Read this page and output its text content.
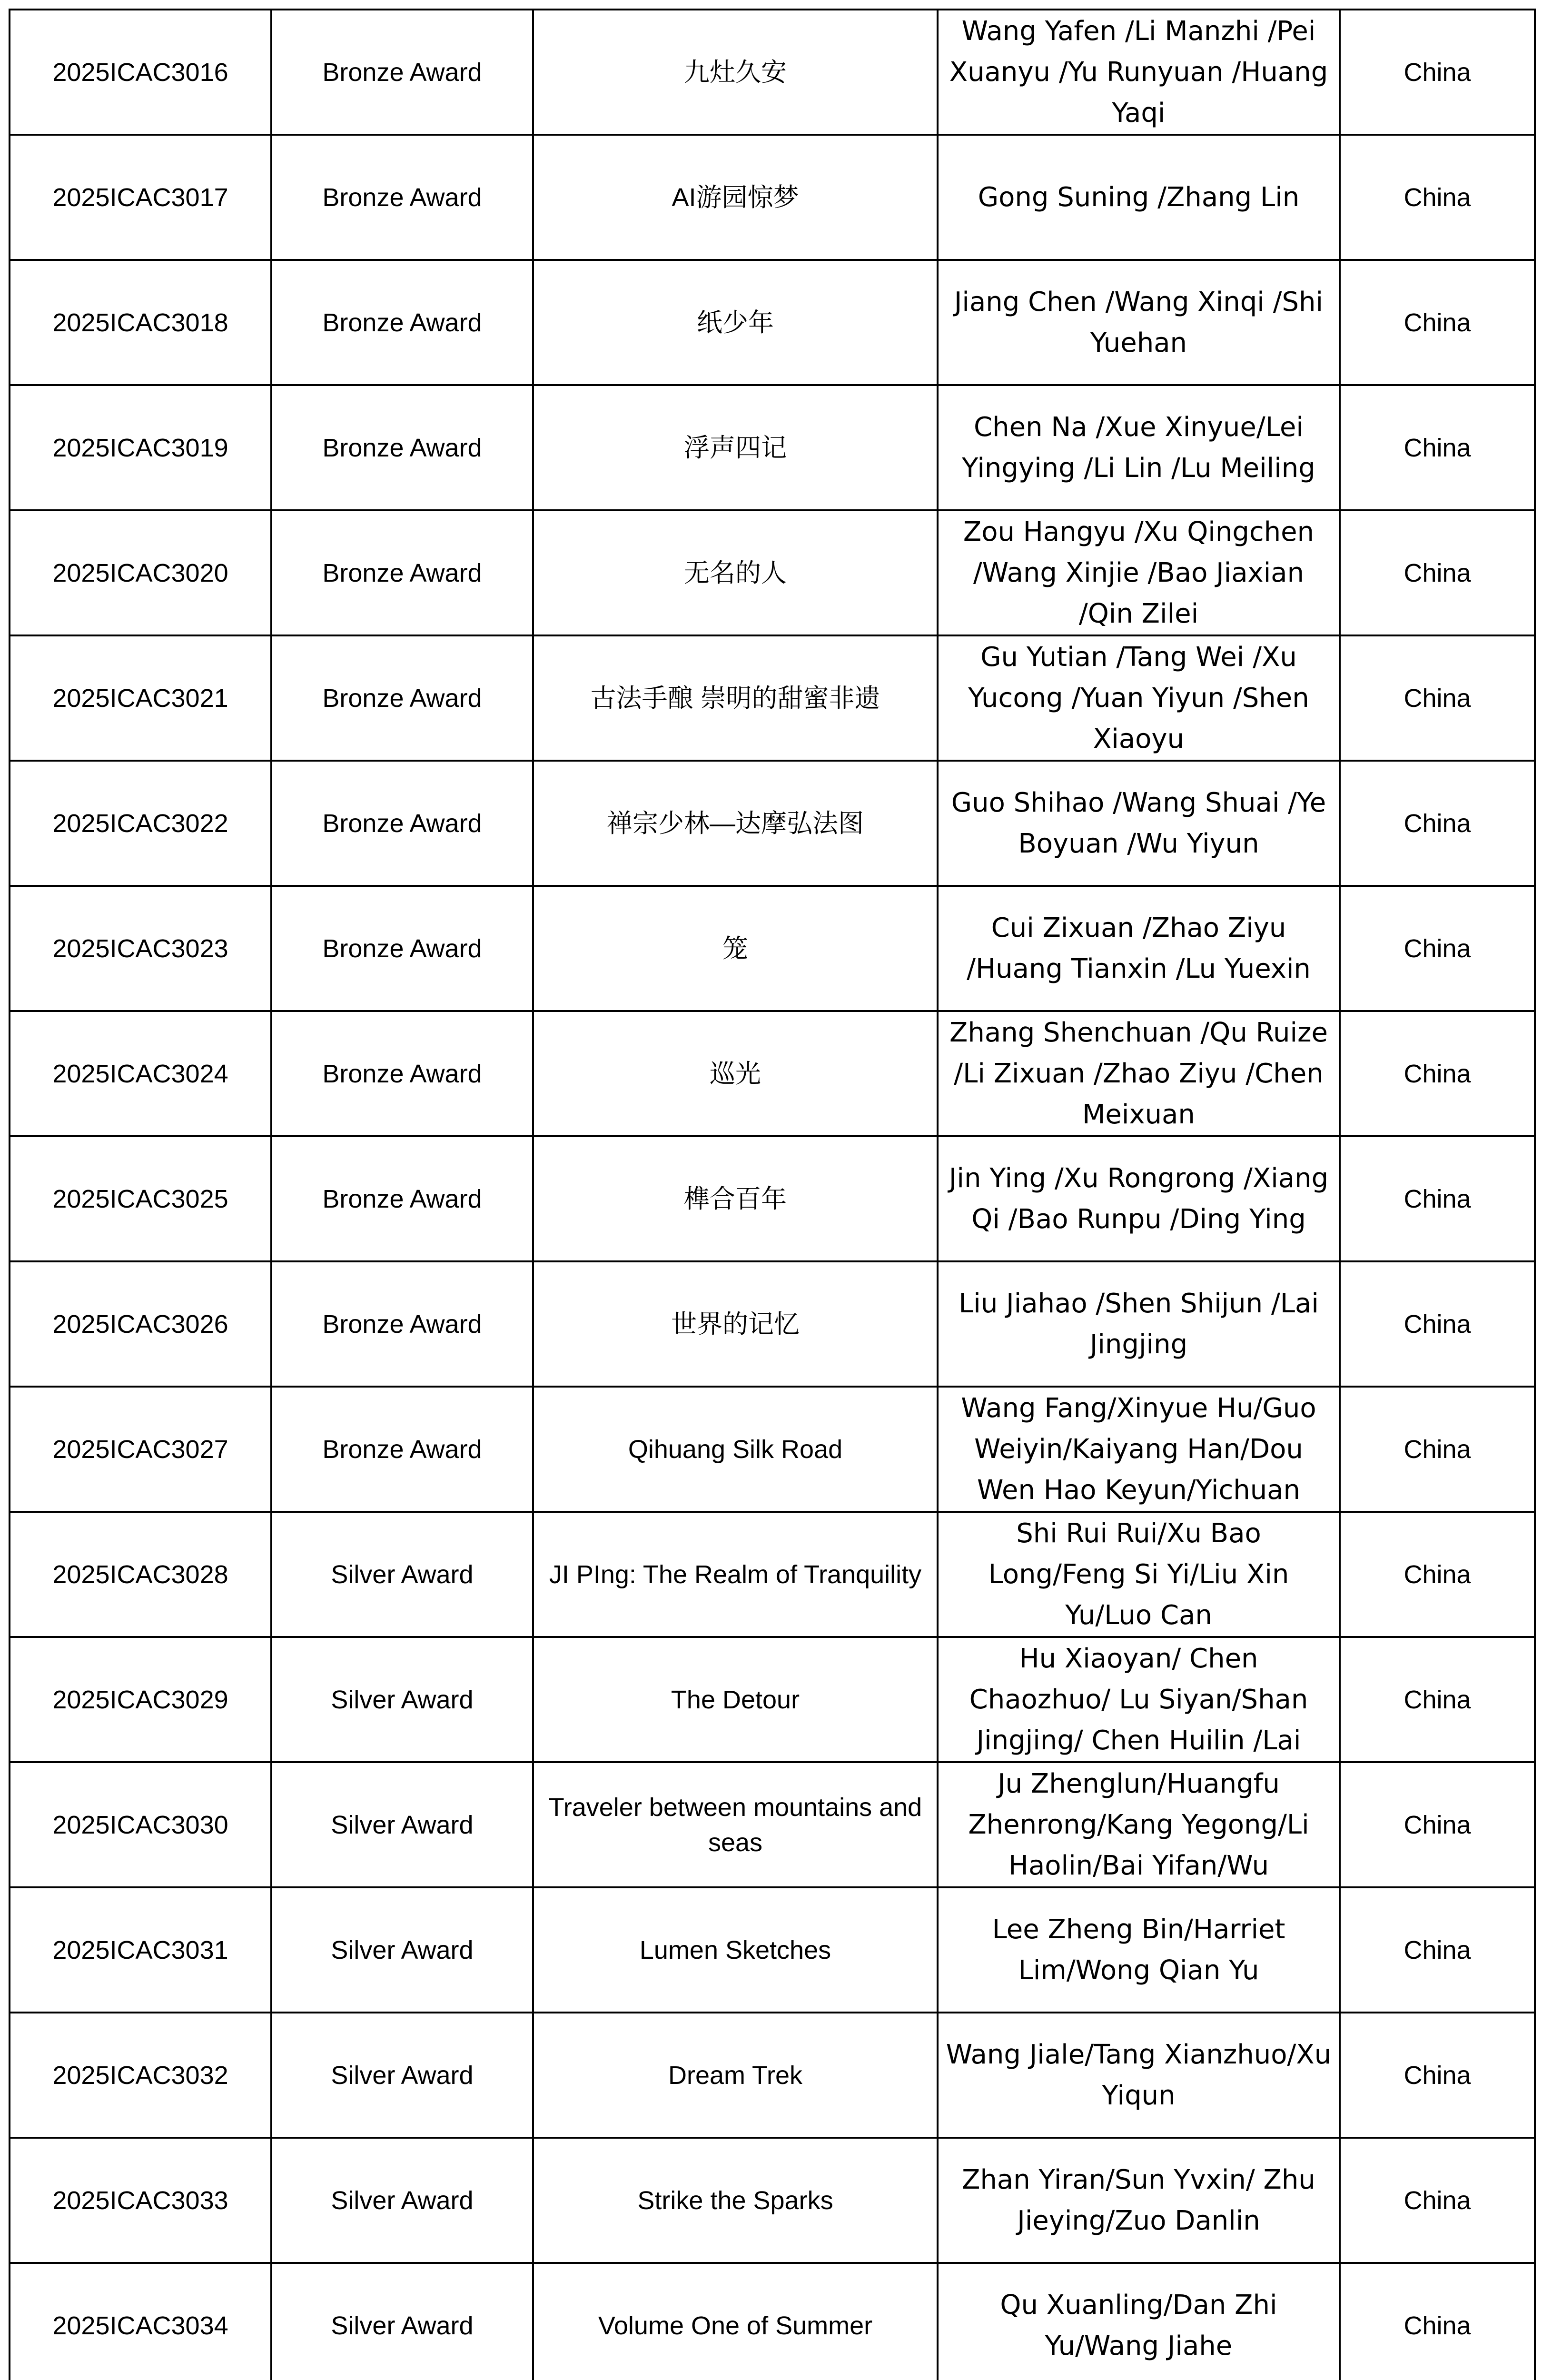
2025ICAC3016	Bronze Award	九灶久安	Wang Yafen /Li Manzhi /Pei Xuanyu /Yu Runyuan /Huang Yaqi	China
2025ICAC3017	Bronze Award	AI游园惊梦	Gong Suning /Zhang Lin	China
2025ICAC3018	Bronze Award	纸少年	Jiang Chen /Wang Xinqi /Shi Yuehan	China
2025ICAC3019	Bronze Award	浮声四记	Chen Na /Xue Xinyue/Lei Yingying /Li Lin /Lu Meiling	China
2025ICAC3020	Bronze Award	无名的人	Zou Hangyu /Xu Qingchen /Wang Xinjie /Bao Jiaxian /Qin Zilei	China
2025ICAC3021	Bronze Award	古法手酿 崇明的甜蜜非遗	Gu Yutian /Tang Wei /Xu Yucong /Yuan Yiyun /Shen Xiaoyu	China
2025ICAC3022	Bronze Award	禅宗少林—达摩弘法图	Guo Shihao /Wang Shuai /Ye Boyuan /Wu Yiyun	China
2025ICAC3023	Bronze Award	笼	Cui Zixuan /Zhao Ziyu /Huang Tianxin /Lu Yuexin	China
2025ICAC3024	Bronze Award	巡光	Zhang Shenchuan /Qu Ruize /Li Zixuan /Zhao Ziyu /Chen Meixuan	China
2025ICAC3025	Bronze Award	榫合百年	Jin Ying /Xu Rongrong /Xiang Qi /Bao Runpu /Ding Ying	China
2025ICAC3026	Bronze Award	世界的记忆	Liu Jiahao /Shen Shijun /Lai Jingjing	China
2025ICAC3027	Bronze Award	Qihuang Silk Road	Wang Fang/Xinyue Hu/Guo Weiyin/Kaiyang Han/Dou Wen Hao Keyun/Yichuan	China
2025ICAC3028	Silver Award	JI PIng: The Realm of Tranquility	Shi Rui Rui/Xu Bao Long/Feng Si Yi/Liu Xin Yu/Luo Can	China
2025ICAC3029	Silver Award	The Detour	Hu Xiaoyan/ Chen Chaozhuo/ Lu Siyan/Shan Jingjing/ Chen Huilin /Lai	China
2025ICAC3030	Silver Award	Traveler between mountains and seas	Ju Zhenglun/Huangfu Zhenrong/Kang Yegong/Li Haolin/Bai Yifan/Wu	China
2025ICAC3031	Silver Award	Lumen Sketches	Lee Zheng Bin/Harriet Lim/Wong Qian Yu	China
2025ICAC3032	Silver Award	Dream Trek	Wang Jiale/Tang Xianzhuo/Xu Yiqun	China
2025ICAC3033	Silver Award	Strike the Sparks	Zhan Yiran/Sun Yvxin/ Zhu Jieying/Zuo Danlin	China
2025ICAC3034	Silver Award	Volume One of Summer	Qu Xuanling/Dan Zhi Yu/Wang Jiahe	China
